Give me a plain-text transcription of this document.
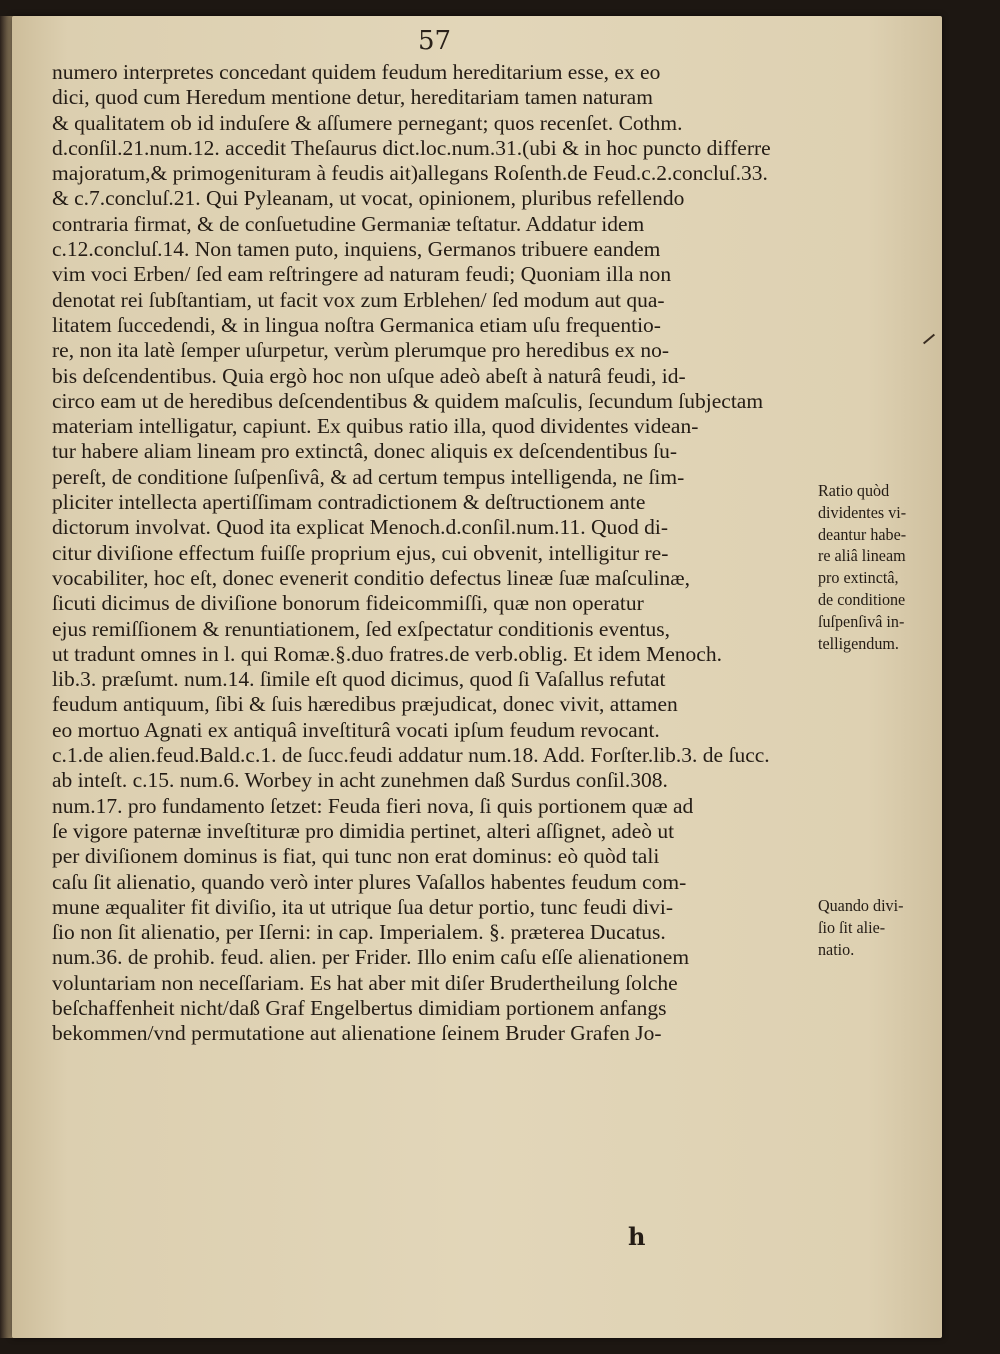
57
numero interpretes concedant quidem feudum hereditarium esse, ex eo
dici, quod cum Heredum mentione detur, hereditariam tamen naturam
& qualitatem ob id induſere & aſſumere pernegant; quos recenſet. Cothm.
d.conſil.21.num.12. accedit Theſaurus dict.loc.num.31.(ubi & in hoc puncto differre
majoratum,& primogenituram à feudis ait)allegans Roſenth.de Feud.c.2.concluſ.33.
& c.7.concluſ.21. Qui Pyleanam, ut vocat, opinionem, pluribus refellendo
contraria firmat, & de conſuetudine Germaniæ teſtatur. Addatur idem
c.12.concluſ.14. Non tamen puto, inquiens, Germanos tribuere eandem
vim voci Erben/ ſed eam reſtringere ad naturam feudi; Quoniam illa non
denotat rei ſubſtantiam, ut facit vox zum Erblehen/ ſed modum aut qua-
litatem ſuccedendi, & in lingua noſtra Germanica etiam uſu frequentio-
re, non ita latè ſemper uſurpetur, verùm plerumque pro heredibus ex no-
bis deſcendentibus. Quia ergò hoc non uſque adeò abeſt à naturâ feudi, id-
circo eam ut de heredibus deſcendentibus & quidem maſculis, ſecundum ſubjectam
materiam intelligatur, capiunt. Ex quibus ratio illa, quod dividentes videan-
tur habere aliam lineam pro extinctâ, donec aliquis ex deſcendentibus ſu-
pereſt, de conditione ſuſpenſivâ, & ad certum tempus intelligenda, ne ſim-
pliciter intellecta apertiſſimam contradictionem & deſtructionem ante
dictorum involvat. Quod ita explicat Menoch.d.conſil.num.11. Quod di-
citur diviſione effectum fuiſſe proprium ejus, cui obvenit, intelligitur re-
vocabiliter, hoc eſt, donec evenerit conditio defectus lineæ ſuæ maſculinæ,
ſicuti dicimus de diviſione bonorum fideicommiſſi, quæ non operatur
ejus remiſſionem & renuntiationem, ſed exſpectatur conditionis eventus,
ut tradunt omnes in l. qui Romæ.§.duo fratres.de verb.oblig. Et idem Menoch.
lib.3. præſumt. num.14. ſimile eſt quod dicimus, quod ſi Vaſallus refutat
feudum antiquum, ſibi & ſuis hæredibus præjudicat, donec vivit, attamen
eo mortuo Agnati ex antiquâ inveſtiturâ vocati ipſum feudum revocant.
c.1.de alien.feud.Bald.c.1. de ſucc.feudi addatur num.18. Add. Forſter.lib.3. de ſucc.
ab inteſt. c.15. num.6. Worbey in acht zunehmen daß Surdus conſil.308.
num.17. pro fundamento ſetzet: Feuda fieri nova, ſi quis portionem quæ ad
ſe vigore paternæ inveſtituræ pro dimidia pertinet, alteri aſſignet, adeò ut
per diviſionem dominus is fiat, qui tunc non erat dominus: eò quòd tali
caſu ſit alienatio, quando verò inter plures Vaſallos habentes feudum com-
mune æqualiter fit diviſio, ita ut utrique ſua detur portio, tunc feudi divi-
ſio non ſit alienatio, per Iſerni: in cap. Imperialem. §. præterea Ducatus.
num.36. de prohib. feud. alien. per Frider. Illo enim caſu eſſe alienationem
voluntariam non neceſſariam. Es hat aber mit diſer Brudertheilung ſolche
beſchaffenheit nicht/daß Graf Engelbertus dimidiam portionem anfangs
bekommen/vnd permutatione aut alienatione ſeinem Bruder Grafen Jo-
Ratio quòd
dividentes vi-
deantur habe-
re aliâ lineam
pro extinctâ,
de conditione
ſuſpenſivâ in-
telligendum.
Quando divi-
ſio ſit alie-
natio.
h
